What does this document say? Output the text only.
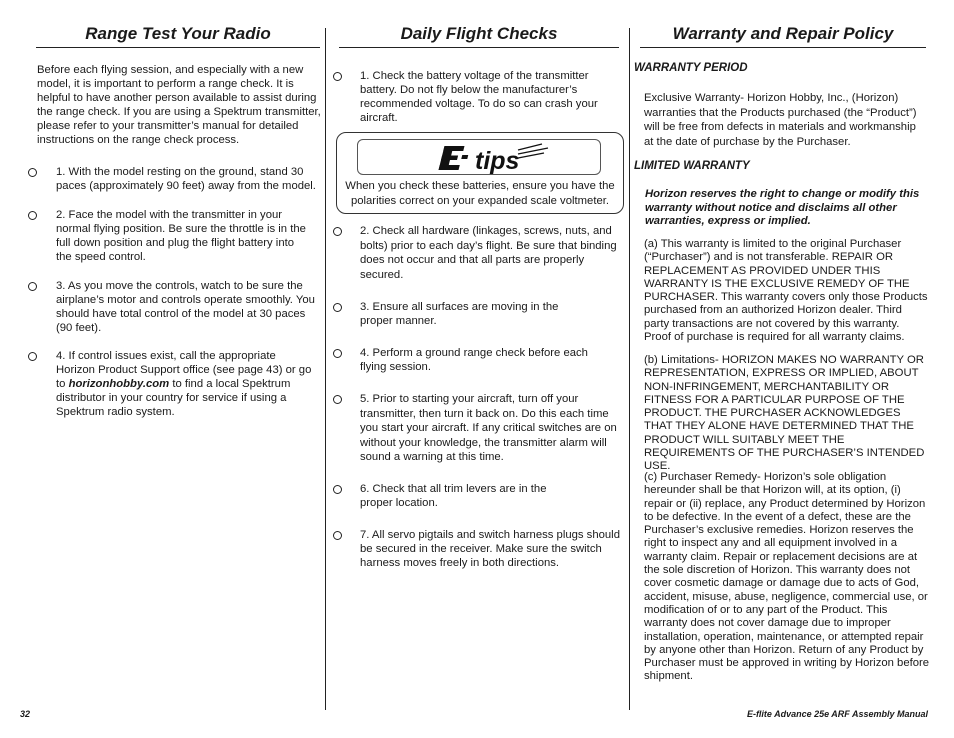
Range Test Your Radio
Before each flying session, and especially with a new model, it is important to perform a range check. It is helpful to have another person available to assist during the range check. If you are using a Spektrum transmitter, please refer to your transmitter’s manual for detailed instructions on the range check process.
1. With the model resting on the ground, stand 30 paces (approximately 90 feet) away from the model.
2. Face the model with the transmitter in your normal flying position. Be sure the throttle is in the full down position and plug the flight battery into the speed control.
3. As you move the controls, watch to be sure the airplane’s motor and controls operate smoothly. You should have total control of the model at 30 paces (90 feet).
4. If control issues exist, call the appropriate Horizon Product Support office (see page 43) or go to horizonhobby.com to find a local Spektrum distributor in your country for service if using a Spektrum radio system.
Daily Flight Checks
1. Check the battery voltage of the transmitter battery. Do not fly below the manufacturer’s recommended voltage. To do so can crash your aircraft.
tips
When you check these batteries, ensure you have the polarities correct on your expanded scale voltmeter.
2. Check all hardware (linkages, screws, nuts, and bolts) prior to each day’s flight. Be sure that binding does not occur and that all parts are properly secured.
3. Ensure all surfaces are moving in the proper manner.
4. Perform a ground range check before each flying session.
5. Prior to starting your aircraft, turn off your transmitter, then turn it back on. Do this each time you start your aircraft. If any critical switches are on without your knowledge, the transmitter alarm will sound a warning at this time.
6. Check that all trim levers are in the proper location.
7. All servo pigtails and switch harness plugs should be secured in the receiver. Make sure the switch harness moves freely in both directions.
Warranty and Repair Policy
WARRANTY PERIOD
Exclusive Warranty- Horizon Hobby, Inc., (Horizon) warranties that the Products purchased (the “Product”) will be free from defects in materials and workmanship at the date of purchase by the Purchaser.
LIMITED WARRANTY
Horizon reserves the right to change or modify this warranty without notice and disclaims all other warranties, express or implied.
(a) This warranty is limited to the original Purchaser (“Purchaser”) and is not transferable. REPAIR OR REPLACEMENT AS PROVIDED UNDER THIS WARRANTY IS THE EXCLUSIVE REMEDY OF THE PURCHASER. This warranty covers only those Products purchased from an authorized Horizon dealer. Third party transactions are not covered by this warranty. Proof of purchase is required for all warranty claims.
(b) Limitations- HORIZON MAKES NO WARRANTY OR REPRESENTATION, EXPRESS OR IMPLIED, ABOUT NON-INFRINGEMENT, MERCHANTABILITY OR FITNESS FOR A PARTICULAR PURPOSE OF THE PRODUCT. THE PURCHASER ACKNOWLEDGES THAT THEY ALONE HAVE DETERMINED THAT THE PRODUCT WILL SUITABLY MEET THE REQUIREMENTS OF THE PURCHASER’S INTENDED USE.
(c) Purchaser Remedy- Horizon’s sole obligation hereunder shall be that Horizon will, at its option, (i) repair or (ii) replace, any Product determined by Horizon to be defective. In the event of a defect, these are the Purchaser’s exclusive remedies. Horizon reserves the right to inspect any and all equipment involved in a warranty claim. Repair or replacement decisions are at the sole discretion of Horizon. This warranty does not cover cosmetic damage or damage due to acts of God, accident, misuse, abuse, negligence, commercial use, or modification of or to any part of the Product. This warranty does not cover damage due to improper installation, operation, maintenance, or attempted repair by anyone other than Horizon. Return of any Product by Purchaser must be approved in writing by Horizon before shipment.
32	E-flite Advance 25e ARF Assembly Manual
